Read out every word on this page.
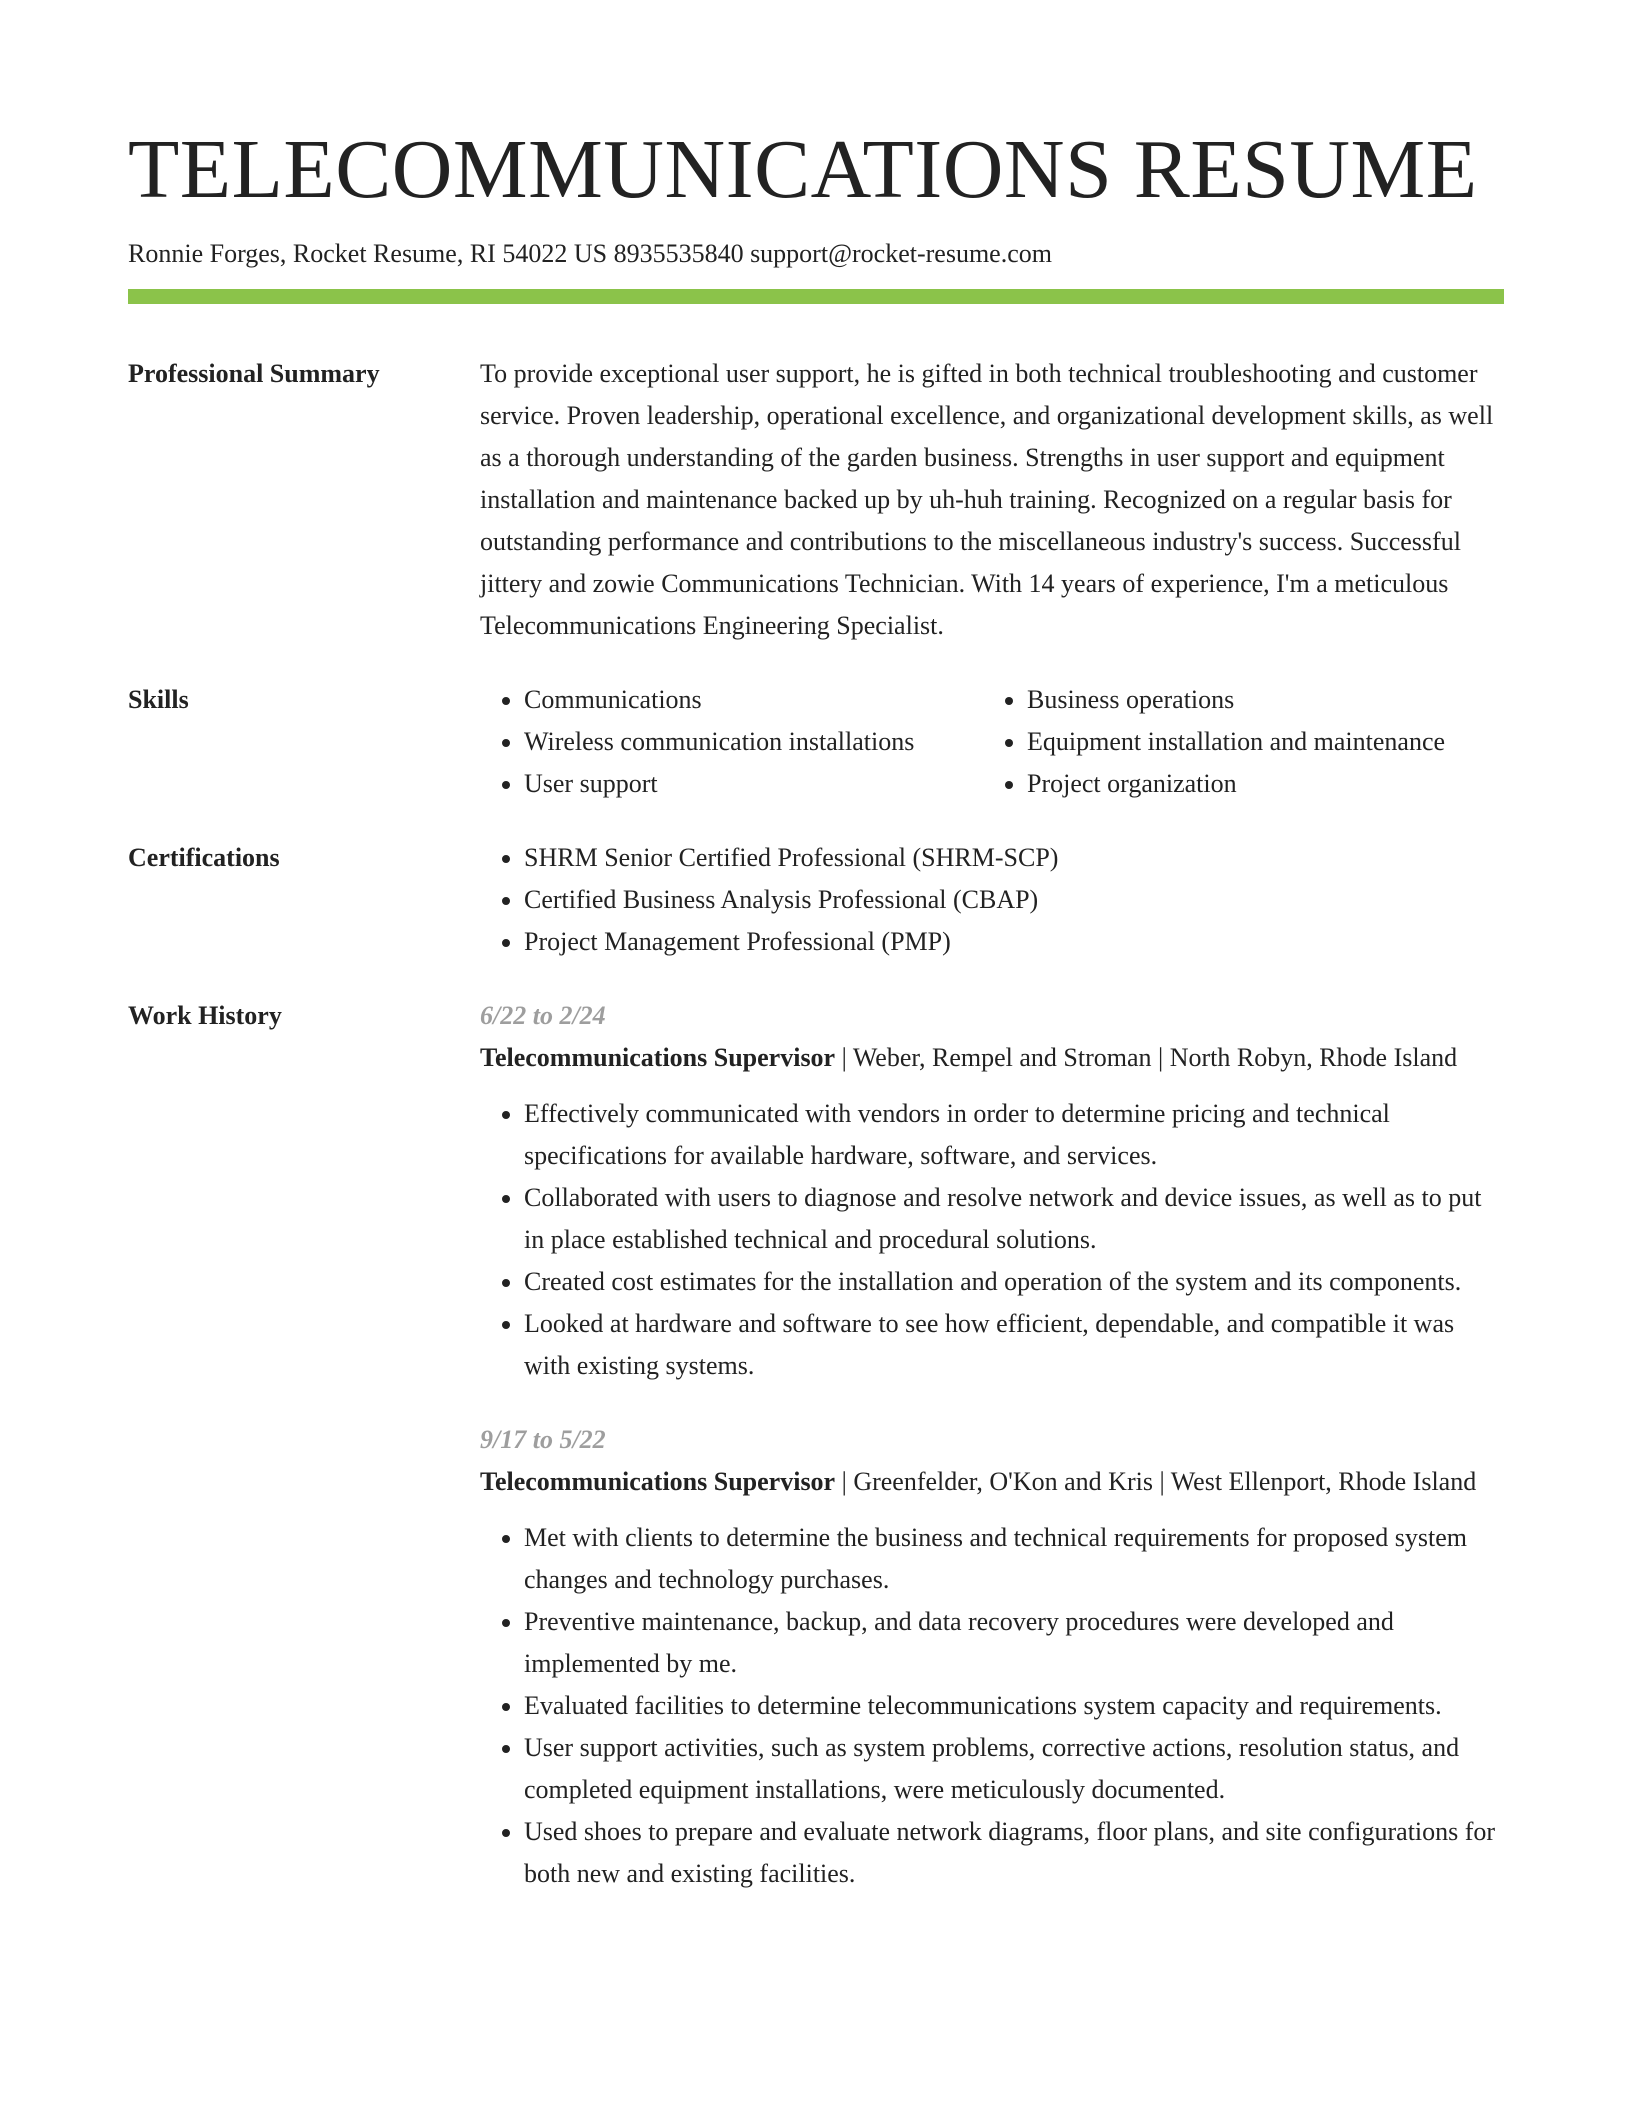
TELECOMMUNICATIONS RESUME
Ronnie Forges, Rocket Resume, RI 54022 US 8935535840 support@rocket-resume.com
Professional Summary	To provide exceptional user support, he is gifted in both technical troubleshooting and customer service. Proven leadership, operational excellence, and organizational development skills, as well as a thorough understanding of the garden business. Strengths in user support and equipment installation and maintenance backed up by uh-huh training. Recognized on a regular basis for outstanding performance and contributions to the miscellaneous industry's success. Successful jittery and zowie Communications Technician. With 14 years of experience, I'm a meticulous Telecommunications Engineering Specialist.

Skills	• Communications
• Wireless communication installations
• User support
• Business operations
• Equipment installation and maintenance
• Project organization
Certifications	• SHRM Senior Certified Professional (SHRM-SCP)
• Certified Business Analysis Professional (CBAP)
• Project Management Professional (PMP)
Work History	6/22 to 2/24
Telecommunications Supervisor | Weber, Rempel and Stroman | North Robyn, Rhode Island
• Effectively communicated with vendors in order to determine pricing and technical specifications for available hardware, software, and services.
• Collaborated with users to diagnose and resolve network and device issues, as well as to put in place established technical and procedural solutions.
• Created cost estimates for the installation and operation of the system and its components.
• Looked at hardware and software to see how efficient, dependable, and compatible it was with existing systems.
9/17 to 5/22
Telecommunications Supervisor | Greenfelder, O'Kon and Kris | West Ellenport, Rhode Island
• Met with clients to determine the business and technical requirements for proposed system changes and technology purchases.
• Preventive maintenance, backup, and data recovery procedures were developed and implemented by me.
• Evaluated facilities to determine telecommunications system capacity and requirements.
• User support activities, such as system problems, corrective actions, resolution status, and completed equipment installations, were meticulously documented.
• Used shoes to prepare and evaluate network diagrams, floor plans, and site configurations for both new and existing facilities.
